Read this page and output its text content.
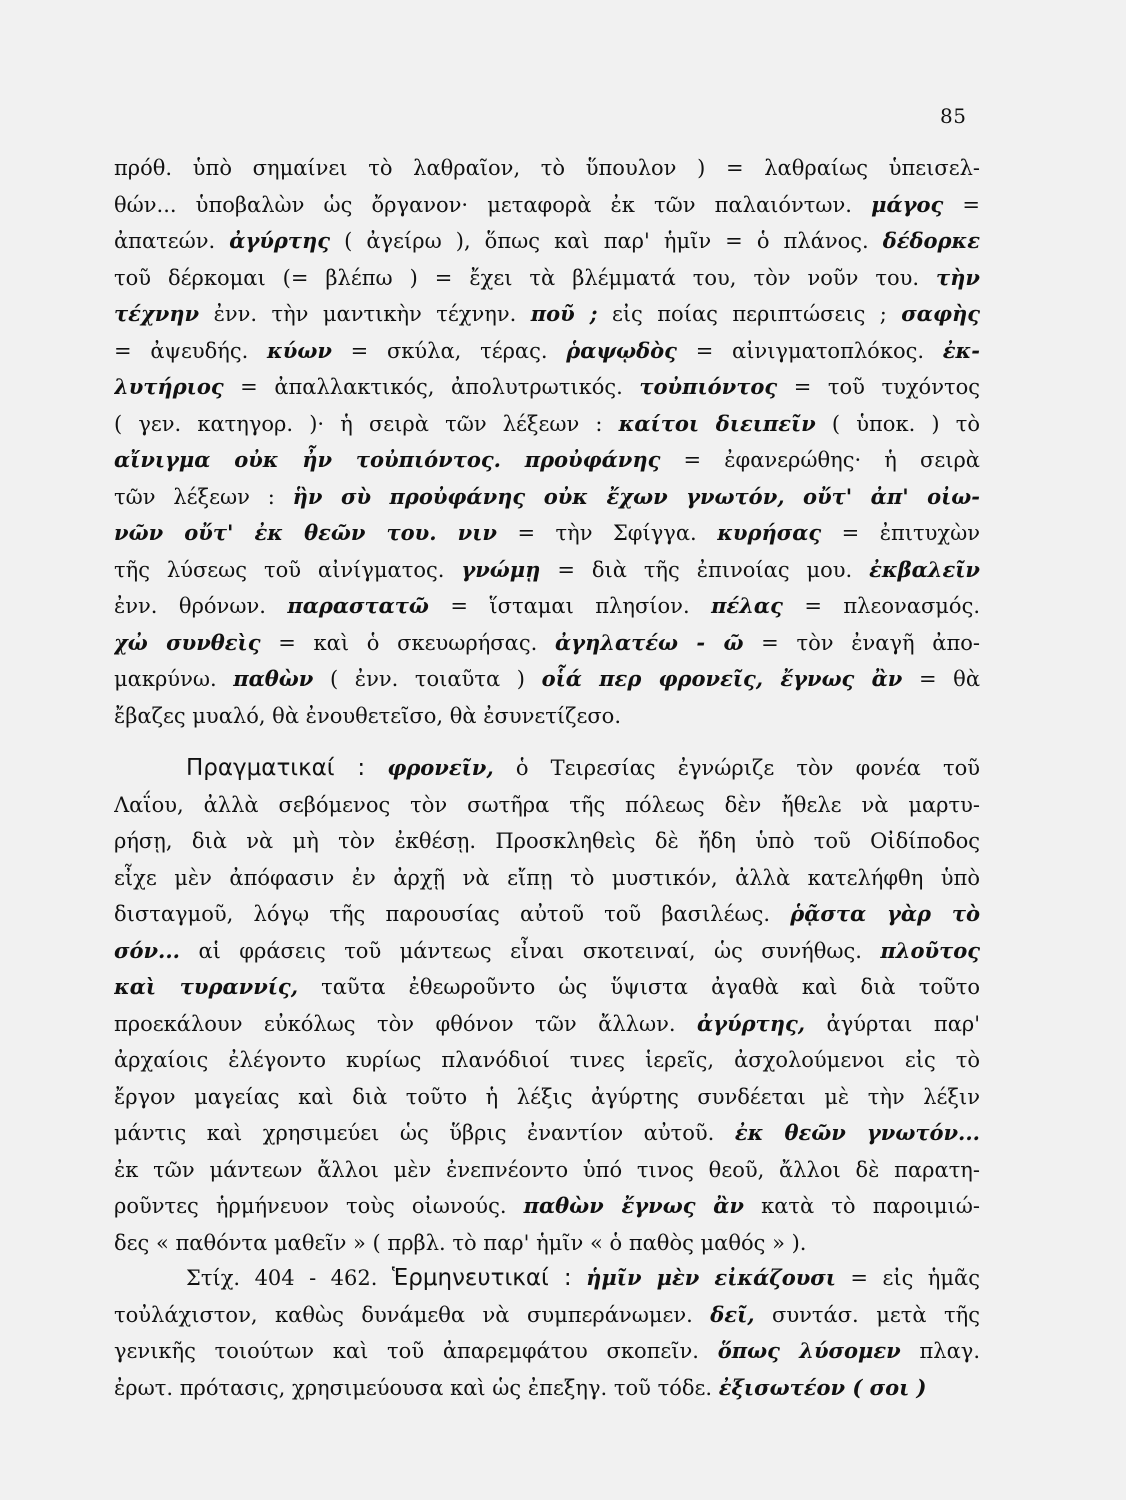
85
πρόθ. ὑπὸ σημαίνει τὸ λαθραῖον, τὸ ὕπουλον ) = λαθραίως ὑπεισελ-
θών... ὑποβαλὼν ὡς ὄργανον· μεταφορὰ ἐκ τῶν παλαιόντων. μάγος =
ἀπατεών. ἀγύρτης ( ἀγείρω ), ὅπως καὶ παρ' ἡμῖν = ὁ πλάνος. δέδορκε
τοῦ δέρκομαι (= βλέπω ) = ἔχει τὰ βλέμματά του, τὸν νοῦν του. τὴν
τέχνην ἐνν. τὴν μαντικὴν τέχνην. ποῦ ; εἰς ποίας περιπτώσεις ; σαφὴς
= ἀψευδής. κύων = σκύλα, τέρας. ῥαψῳδὸς = αἰνιγματοπλόκος. ἐκ-
λυτήριος = ἀπαλλακτικός, ἀπολυτρωτικός. τοὐπιόντος = τοῦ τυχόντος
( γεν. κατηγορ. )· ἡ σειρὰ τῶν λέξεων : καίτοι διειπεῖν ( ὑποκ. ) τὸ
αἴνιγμα οὐκ ἦν τοὐπιόντος. προὐφάνης = ἐφανερώθης· ἡ σειρὰ
τῶν λέξεων : ἣν σὺ προὐφάνης οὐκ ἔχων γνωτόν, οὔτ' ἀπ' οἰω-
νῶν οὔτ' ἐκ θεῶν του. νιν = τὴν Σφίγγα. κυρήσας = ἐπιτυχὼν
τῆς λύσεως τοῦ αἰνίγματος. γνώμῃ = διὰ τῆς ἐπινοίας μου. ἐκβαλεῖν
ἐνν. θρόνων. παραστατῶ = ἵσταμαι πλησίον. πέλας = πλεονασμός.
χὠ συνθεὶς = καὶ ὁ σκευωρήσας. ἀγηλατέω - ῶ = τὸν ἐναγῆ ἀπο-
μακρύνω. παθὼν ( ἐνν. τοιαῦτα ) οἷά περ φρονεῖς, ἔγνως ἂν = θὰ
ἔβαζες μυαλό, θὰ ἐνουθετεῖσο, θὰ ἐσυνετίζεσο.
Πραγματικαί : φρονεῖν, ὁ Τειρεσίας ἐγνώριζε τὸν φονέα τοῦ
Λαΐου, ἀλλὰ σεβόμενος τὸν σωτῆρα τῆς πόλεως δὲν ἤθελε νὰ μαρτυ-
ρήσῃ, διὰ νὰ μὴ τὸν ἐκθέσῃ. Προσκληθεὶς δὲ ἤδη ὑπὸ τοῦ Οἰδίποδος
εἶχε μὲν ἀπόφασιν ἐν ἀρχῇ νὰ εἴπῃ τὸ μυστικόν, ἀλλὰ κατελήφθη ὑπὸ
δισταγμοῦ, λόγῳ τῆς παρουσίας αὐτοῦ τοῦ βασιλέως. ῥᾷστα γὰρ τὸ
σόν... αἱ φράσεις τοῦ μάντεως εἶναι σκοτειναί, ὡς συνήθως. πλοῦτος
καὶ τυραννίς, ταῦτα ἐθεωροῦντο ὡς ὕψιστα ἀγαθὰ καὶ διὰ τοῦτο
προεκάλουν εὐκόλως τὸν φθόνον τῶν ἄλλων. ἀγύρτης, ἀγύρται παρ'
ἀρχαίοις ἐλέγοντο κυρίως πλανόδιοί τινες ἱερεῖς, ἀσχολούμενοι εἰς τὸ
ἔργον μαγείας καὶ διὰ τοῦτο ἡ λέξις ἀγύρτης συνδέεται μὲ τὴν λέξιν
μάντις καὶ χρησιμεύει ὡς ὕβρις ἐναντίον αὐτοῦ. ἐκ θεῶν γνωτόν...
ἐκ τῶν μάντεων ἄλλοι μὲν ἐνεπνέοντο ὑπό τινος θεοῦ, ἄλλοι δὲ παρατη-
ροῦντες ἡρμήνευον τοὺς οἰωνούς. παθὼν ἔγνως ἂν κατὰ τὸ παροιμιώ-
δες « παθόντα μαθεῖν » ( πρβλ. τὸ παρ' ἡμῖν « ὁ παθὸς μαθός » ).
Στίχ. 404 - 462. Ἑρμηνευτικαί : ἡμῖν μὲν εἰκάζουσι = εἰς ἡμᾶς
τοὐλάχιστον, καθὼς δυνάμεθα νὰ συμπεράνωμεν. δεῖ, συντάσ. μετὰ τῆς
γενικῆς τοιούτων καὶ τοῦ ἀπαρεμφάτου σκοπεῖν. ὅπως λύσομεν πλαγ.
ἐρωτ. πρότασις, χρησιμεύουσα καὶ ὡς ἐπεξηγ. τοῦ τόδε. ἐξισωτέον ( σοι )
